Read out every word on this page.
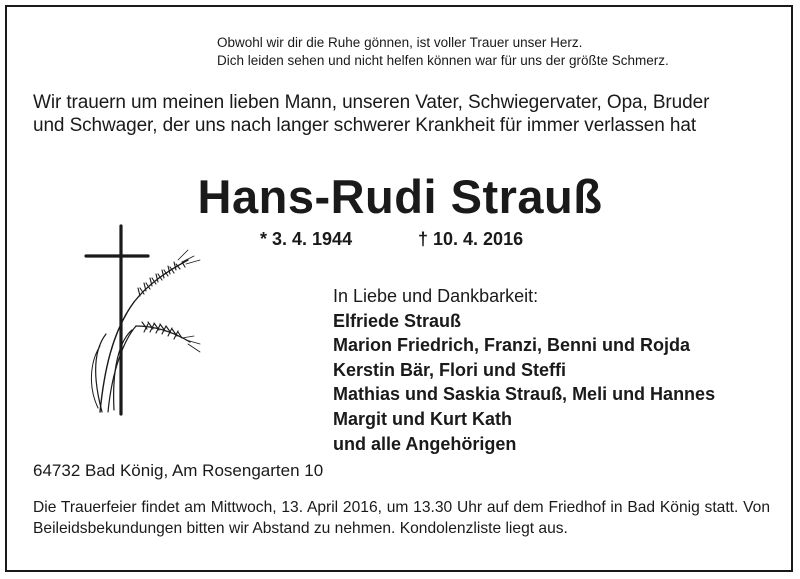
Obwohl wir dir die Ruhe gönnen, ist voller Trauer unser Herz.
Dich leiden sehen und nicht helfen können war für uns der größte Schmerz.
Wir trauern um meinen lieben Mann, unseren Vater, Schwiegervater, Opa, Bruder
und Schwager, der uns nach langer schwerer Krankheit für immer verlassen hat
Hans-Rudi Strauß
* 3. 4. 1944	† 10. 4. 2016
In Liebe und Dankbarkeit:
Elfriede Strauß
Marion Friedrich, Franzi, Benni und Rojda
Kerstin Bär, Flori und Steffi
Mathias und Saskia Strauß, Meli und Hannes
Margit und Kurt Kath
und alle Angehörigen
64732 Bad König, Am Rosengarten 10
Die Trauerfeier findet am Mittwoch, 13. April 2016, um 13.30 Uhr auf dem Friedhof in Bad König statt. Von Beileidsbekundungen bitten wir Abstand zu nehmen. Kondolenzliste liegt aus.
